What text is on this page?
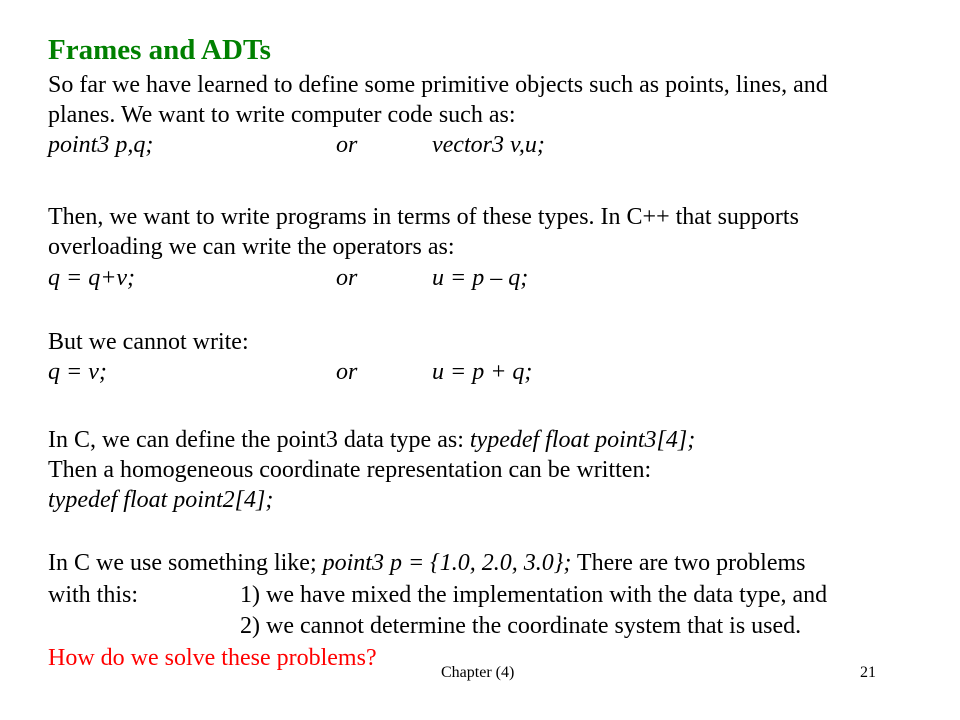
Frames and ADTs
So far we have learned to define some primitive objects such as points, lines, and
planes. We want to write computer code such as:
point3 p,q;	or	vector3 v,u;
Then, we want to write programs in terms of these types. In C++ that supports
overloading we can write the operators as:
q = q+v;	or	u = p – q;
But we cannot write:
q = v;	or	u = p + q;
In C, we can define the point3 data type as: typedef float point3[4];
Then a homogeneous coordinate representation can be written:
typedef float point2[4];
In C we use something like; point3 p = {1.0, 2.0, 3.0}; There are two problems
with this:	1) we have mixed the implementation with the data type, and
2) we cannot determine the coordinate system that is used.
How do we solve these problems?
Chapter (4)	21
